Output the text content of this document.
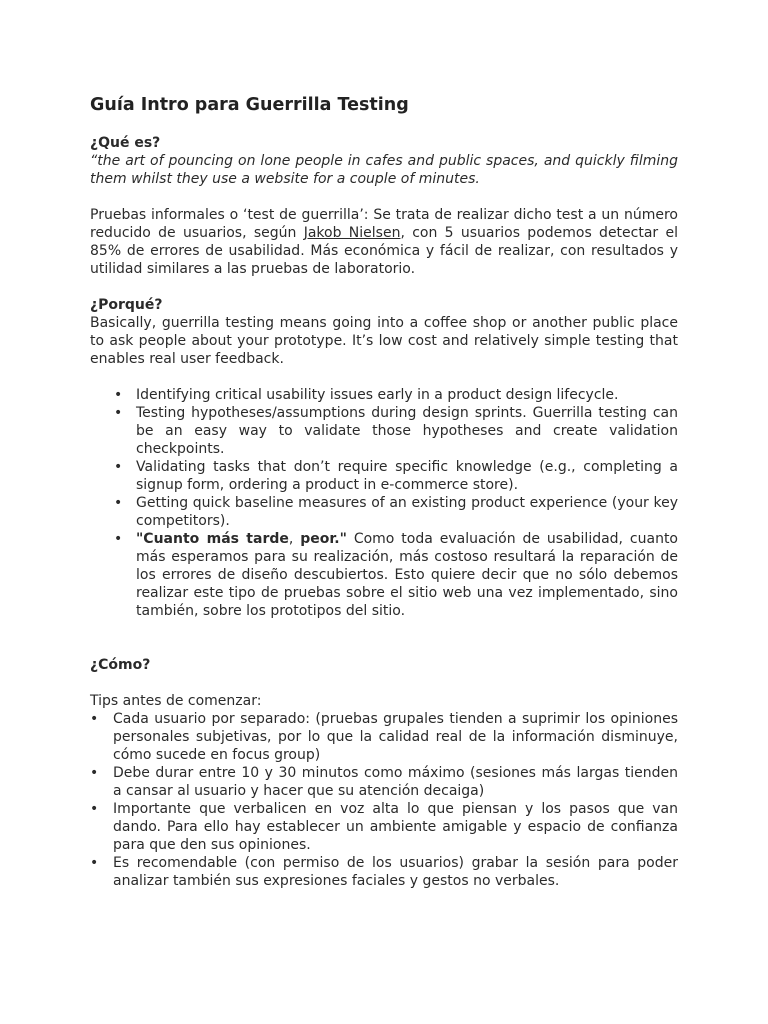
Guía Intro para Guerrilla Testing
¿Qué es?

“the art of pouncing on lone people in cafes and public spaces, and quickly filming them whilst they use a website for a couple of minutes.

Pruebas informales o ‘test de guerrilla’: Se trata de realizar dicho test a un número reducido de usuarios, según Jakob Nielsen, con 5 usuarios podemos detectar el 85% de errores de usabilidad. Más económica y fácil de realizar, con resultados y utilidad similares a las pruebas de laboratorio.

¿Porqué?

Basically, guerrilla testing means going into a coffee shop or another public place to ask people about your prototype. It’s low cost and relatively simple testing that enables real user feedback.

• Identifying critical usability issues early in a product design lifecycle.
• Testing hypotheses/assumptions during design sprints. Guerrilla testing can be an easy way to validate those hypotheses and create validation checkpoints.
• Validating tasks that don’t require specific knowledge (e.g., completing a signup form, ordering a product in e-commerce store).
• Getting quick baseline measures of an existing product experience (your key competitors).
• "Cuanto más tarde, peor." Como toda evaluación de usabilidad, cuanto más esperamos para su realización, más costoso resultará la reparación de los errores de diseño descubiertos. Esto quiere decir que no sólo debemos realizar este tipo de pruebas sobre el sitio web una vez implementado, sino también, sobre los prototipos del sitio.
¿Cómo?

Tips antes de comenzar:

• Cada usuario por separado: (pruebas grupales tienden a suprimir los opiniones personales subjetivas, por lo que la calidad real de la información disminuye, cómo sucede en focus group)
• Debe durar entre 10 y 30 minutos como máximo (sesiones más largas tienden a cansar al usuario y hacer que su atención decaiga)
• Importante que verbalicen en voz alta lo que piensan y los pasos que van dando. Para ello hay establecer un ambiente amigable y espacio de confianza para que den sus opiniones.
• Es recomendable (con permiso de los usuarios) grabar la sesión para poder analizar también sus expresiones faciales y gestos no verbales.
